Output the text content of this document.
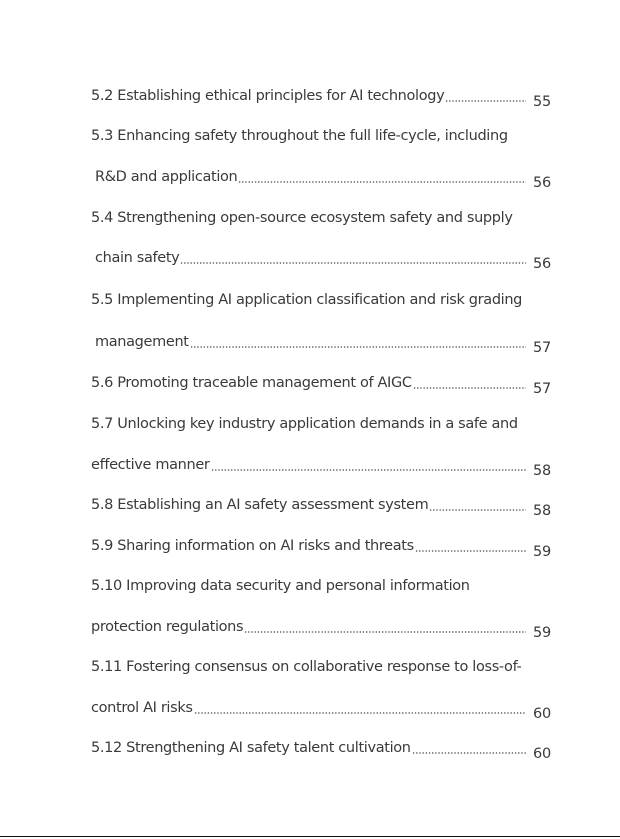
5.2 Establishing ethical principles for AI technology	55
5.3 Enhancing safety throughout the full life-cycle, including
R&D and application	56
5.4 Strengthening open-source ecosystem safety and supply
chain safety	56
5.5 Implementing AI application classification and risk grading
management	57
5.6 Promoting traceable management of AIGC	57
5.7 Unlocking key industry application demands in a safe and
effective manner	58
5.8 Establishing an AI safety assessment system	58
5.9 Sharing information on AI risks and threats	59
5.10 Improving data security and personal information
protection regulations	59
5.11 Fostering consensus on collaborative response to loss-of-
control AI risks	60
5.12 Strengthening AI safety talent cultivation	60
